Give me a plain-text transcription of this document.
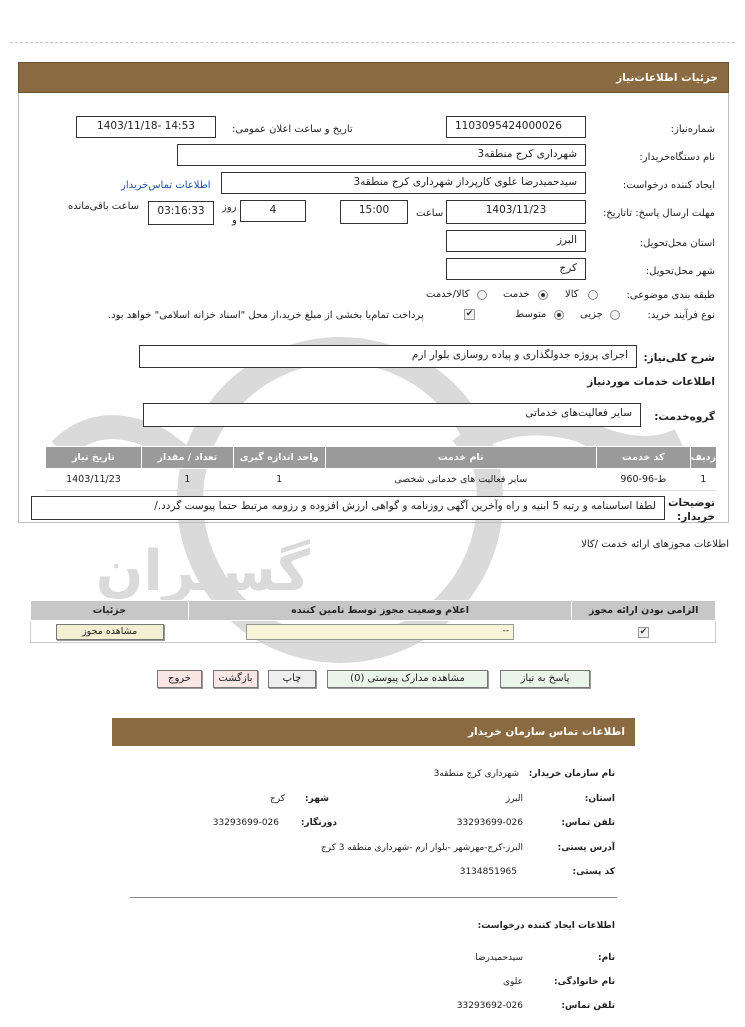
گستران
جزئیات اطلاعات‌نیاز
شماره‌نیاز:
1103095424000026
تاریخ و ساعت اعلان عمومی:
1403/11/18- 14:53
نام دستگاه‌خریدار:
شهرداری کرج منطقه3
ایجاد کننده درخواست:
سیدحمیدرضا علوی کارپرداز شهرداری کرج منطقه3
اطلاعات تماس‌خریدار
مهلت ارسال پاسخ: تاتاریخ:
1403/11/23
ساعت
15:00
4
روز
و
03:16:33
ساعت باقی‌مانده
استان محل‌تحویل:
البرز
شهر محل‌تحویل:
کرج
طبقه بندی موضوعی:
کالا
خدمت
کالا/خدمت
نوع فرآیند خرید:
جزیی
متوسط
✔
پرداخت تمام‌یا بخشی از مبلغ خرید،از محل "اسناد خزانه اسلامی" خواهد بود.
شرح کلی‌نیاز:
اجرای پروژه جدولگذاری و پیاده روسازی بلوار ارم
اطلاعات خدمات موردنیاز
گروه‌خدمت:
سایر فعالیت‌های خدماتی
ردیف	کد خدمت	نام خدمت	واحد اندازه گیری	تعداد / مقدار	تاریخ نیاز
1	ط-96-960	سایر فعالیت های خدماتی شخصی	1	1	1403/11/23
توضیحات
خریدار:
لطفا اساسنامه و رتبه 5 ابنیه و راه وآخرین آگهی روزنامه و گواهی ارزش افزوده و رزومه مرتبط حتما پیوست گردد./
اطلاعات مجوزهای ارائه خدمت /کالا
الزامی بودن ارائه مجوز	اعلام وضعیت مجوز توسط نامین کننده	جزئیات
✔	--	مشاهده مجوز
پاسخ به نیاز
مشاهده مدارک پیوستی (0)
چاپ
بازگشت
خروج
اطلاعات تماس سازمان خریدار
نام سازمان خریدار:
شهرداری کرج منطقه3
استان:
البرز
شهر:
کرج
تلفن تماس:
33293699-026
دورنگار:
33293699-026
آدرس پستی:
البرز-کرج-مهرشهر -بلوار ارم -شهرداری منطقه 3 کرج
کد پستی:
3134851965
اطلاعات ایجاد کننده درخواست:
نام:
سیدحمیدرضا
نام خانوادگی:
علوی
تلفن تماس:
33293692-026
